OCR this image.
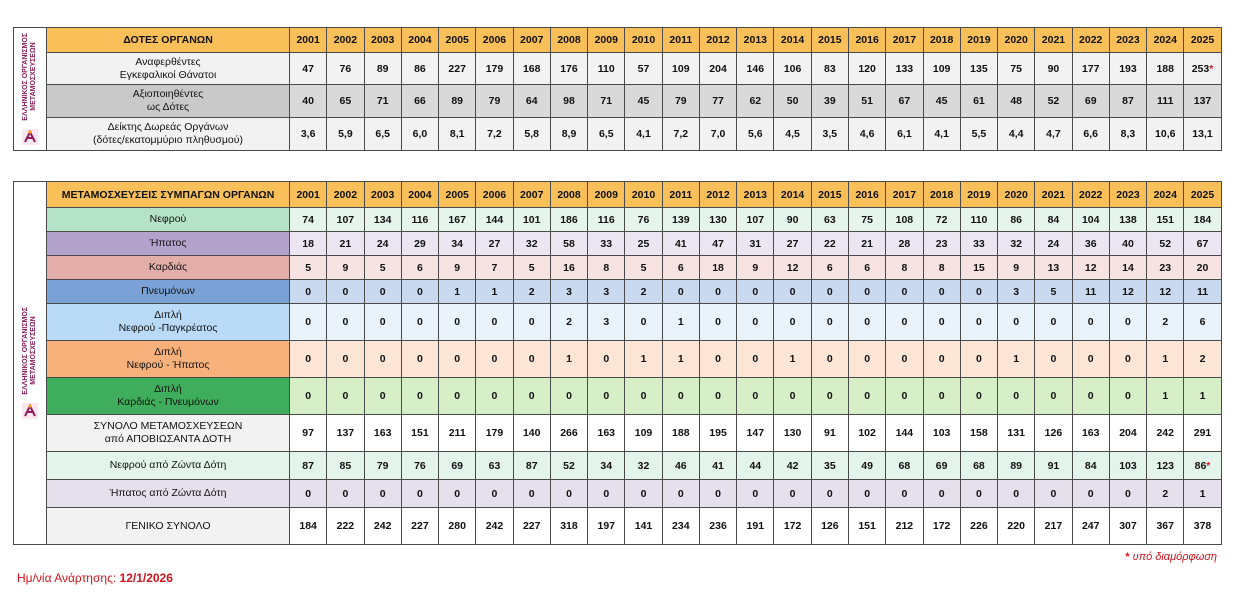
ΕΛΛΗΝΙΚΟΣ ΟΡΓΑΝΙΣΜΟΣ
ΜΕΤΑΜΟΣΧΕΥΣΕΩΝ	ΔΟΤΕΣ ΟΡΓΑΝΩΝ	2001	2002	2003	2004	2005	2006	2007	2008	2009	2010	2011	2012	2013	2014	2015	2016	2017	2018	2019	2020	2021	2022	2023	2024	2025
	Αναφερθέντες
Εγκεφαλικοί Θάνατοι	47	76	89	86	227	179	168	176	110	57	109	204	146	106	83	120	133	109	135	75	90	177	193	188	253*
	Αξιοποιηθέντες
ως Δότες	40	65	71	66	89	79	64	98	71	45	79	77	62	50	39	51	67	45	61	48	52	69	87	111	137
	Δείκτης Δωρεάς Οργάνων
(δότες/εκατομμύριο πληθυσμού)	3,6	5,9	6,5	6,0	8,1	7,2	5,8	8,9	6,5	4,1	7,2	7,0	5,6	4,5	3,5	4,6	6,1	4,1	5,5	4,4	4,7	6,6	8,3	10,6	13,1
ΕΛΛΗΝΙΚΟΣ ΟΡΓΑΝΙΣΜΟΣ
ΜΕΤΑΜΟΣΧΕΥΣΕΩΝ	ΜΕΤΑΜΟΣΧΕΥΣΕΙΣ ΣΥΜΠΑΓΩΝ ΟΡΓΑΝΩΝ	2001	2002	2003	2004	2005	2006	2007	2008	2009	2010	2011	2012	2013	2014	2015	2016	2017	2018	2019	2020	2021	2022	2023	2024	2025
	Νεφρού	74	107	134	116	167	144	101	186	116	76	139	130	107	90	63	75	108	72	110	86	84	104	138	151	184
	Ήπατος	18	21	24	29	34	27	32	58	33	25	41	47	31	27	22	21	28	23	33	32	24	36	40	52	67
	Καρδιάς	5	9	5	6	9	7	5	16	8	5	6	18	9	12	6	6	8	8	15	9	13	12	14	23	20
	Πνευμόνων	0	0	0	0	1	1	2	3	3	2	0	0	0	0	0	0	0	0	0	3	5	11	12	12	11
	Διπλή
Νεφρού -Παγκρέατος	0	0	0	0	0	0	0	2	3	0	1	0	0	0	0	0	0	0	0	0	0	0	0	2	6
	Διπλή
Νεφρού - Ήπατος	0	0	0	0	0	0	0	1	0	1	1	0	0	1	0	0	0	0	0	1	0	0	0	1	2
	Διπλή
Καρδιάς - Πνευμόνων	0	0	0	0	0	0	0	0	0	0	0	0	0	0	0	0	0	0	0	0	0	0	0	1	1
	ΣΥΝΟΛΟ ΜΕΤΑΜΟΣΧΕΥΣΕΩΝ
από ΑΠΟΒΙΩΣΑΝΤΑ ΔΟΤΗ	97	137	163	151	211	179	140	266	163	109	188	195	147	130	91	102	144	103	158	131	126	163	204	242	291
	Νεφρού από Ζώντα Δότη	87	85	79	76	69	63	87	52	34	32	46	41	44	42	35	49	68	69	68	89	91	84	103	123	86*
	Ήπατος από Ζώντα Δότη	0	0	0	0	0	0	0	0	0	0	0	0	0	0	0	0	0	0	0	0	0	0	0	2	1
	ΓΕΝΙΚΟ ΣΥΝΟΛΟ	184	222	242	227	280	242	227	318	197	141	234	236	191	172	126	151	212	172	226	220	217	247	307	367	378
* υπό διαμόρφωση
Ημ/νία Ανάρτησης: 12/1/2026
